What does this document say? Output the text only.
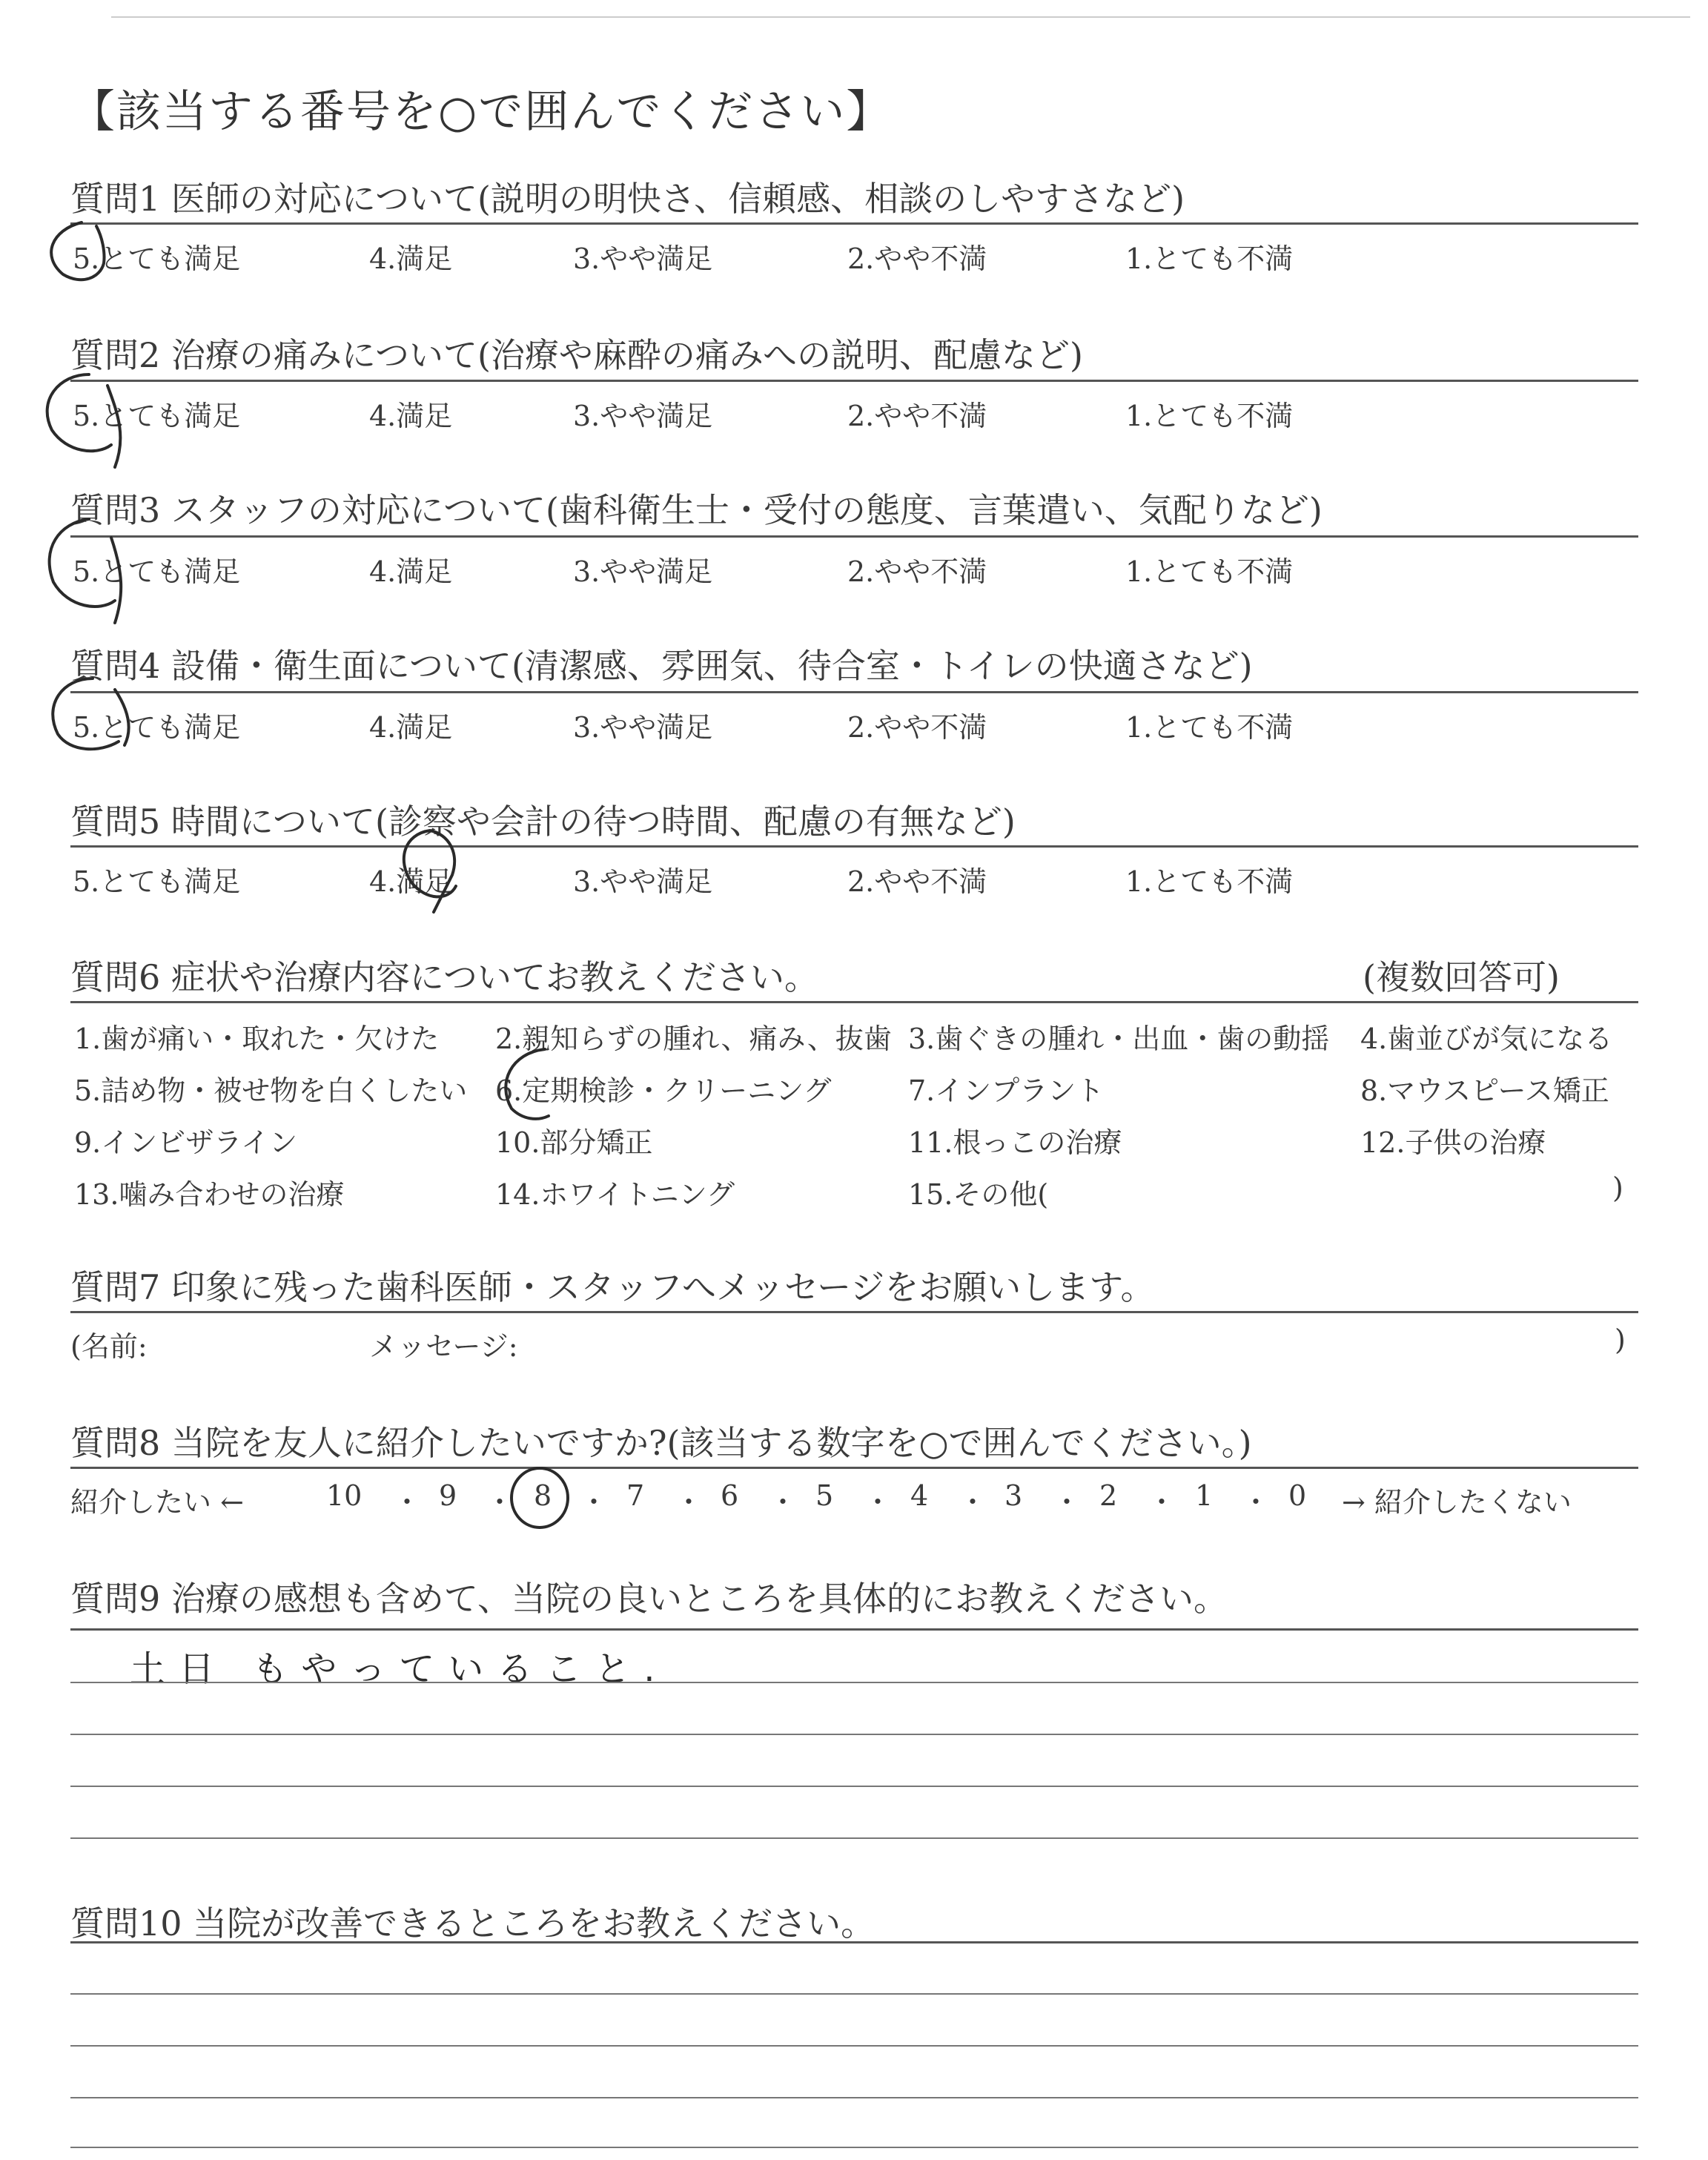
【該当する番号を○で囲んでください】
質問1 医師の対応について(説明の明快さ、信頼感、相談のしやすさなど)
5.とても満足	4.満足	3.やや満足	2.やや不満	1.とても不満
質問2 治療の痛みについて(治療や麻酔の痛みへの説明、配慮など)
5.とても満足	4.満足	3.やや満足	2.やや不満	1.とても不満
質問3 スタッフの対応について(歯科衛生士・受付の態度、言葉遣い、気配りなど)
5.とても満足	4.満足	3.やや満足	2.やや不満	1.とても不満
質問4 設備・衛生面について(清潔感、雰囲気、待合室・トイレの快適さなど)
5.とても満足	4.満足	3.やや満足	2.やや不満	1.とても不満
質問5 時間について(診察や会計の待つ時間、配慮の有無など)
5.とても満足	4.満足	3.やや満足	2.やや不満	1.とても不満
質問6 症状や治療内容についてお教えください。	(複数回答可)
1.歯が痛い・取れた・欠けた 2.親知らずの腫れ、痛み、抜歯 3.歯ぐきの腫れ・出血・歯の動揺 4.歯並びが気になる
5.詰め物・被せ物を白くしたい 6.定期検診・クリーニング	7.インプラント	8.マウスピース矯正
9.インビザライン	10.部分矯正	11.根っこの治療	12.子供の治療
13.噛み合わせの治療	14.ホワイトニング	15.その他(	)
質問7 印象に残った歯科医師・スタッフへメッセージをお願いします。
(名前:	メッセージ:	)
質問8 当院を友人に紹介したいですか?(該当する数字を○で囲んでください。)
紹介したい ←	10 ・ 9 ・ 8 ・ 7 ・ 6 ・ 5 ・ 4 ・ 3 ・ 2 ・ 1 ・ 0 → 紹介したくない
質問9 治療の感想も含めて、当院の良いところを具体的にお教えください。
土日 もやっていること.
質問10 当院が改善できるところをお教えください。
